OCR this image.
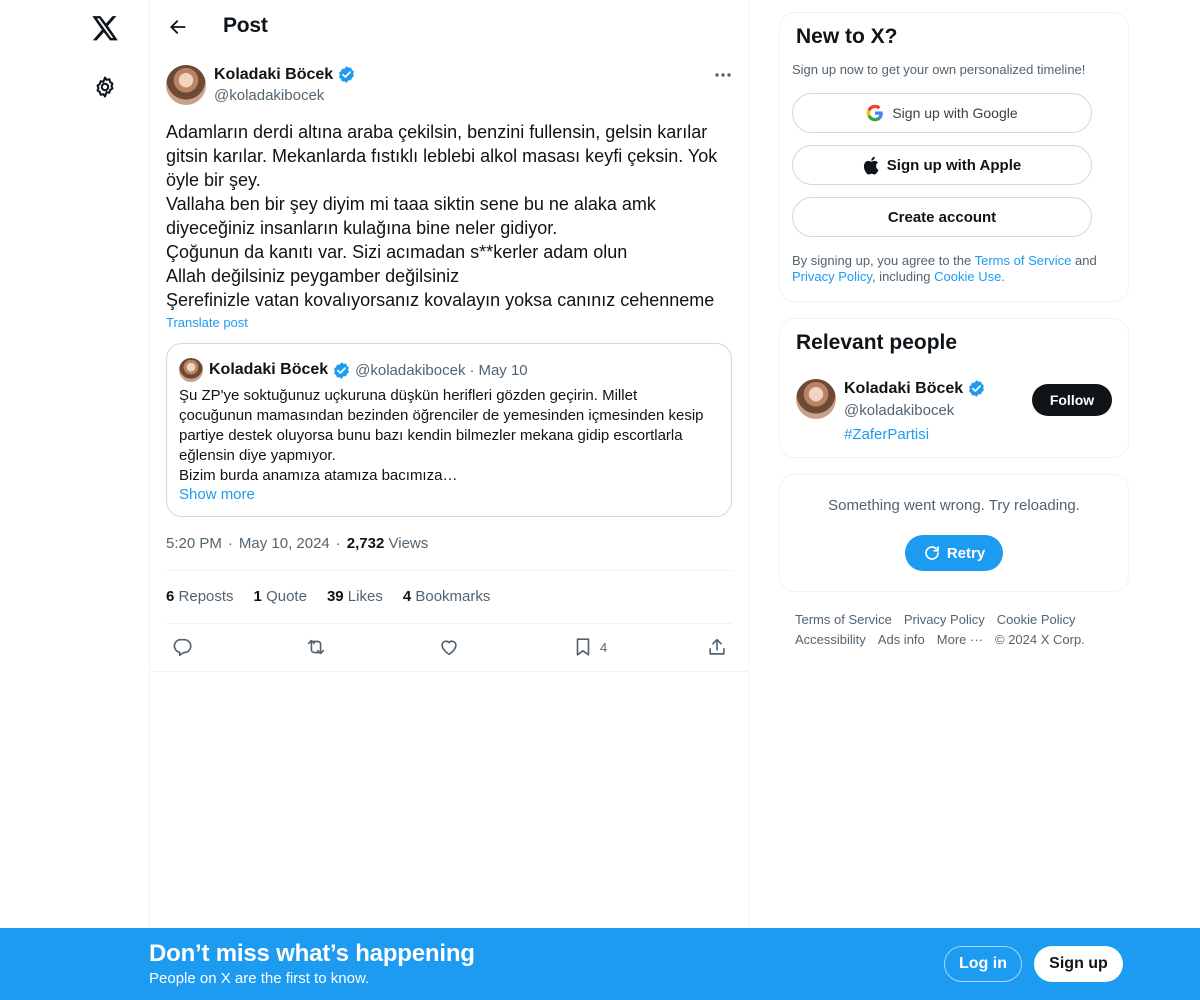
Post
Koladaki Böcek
@koladakibocek
Adamların derdi altına araba çekilsin, benzini fullensin, gelsin karılar gitsin karılar. Mekanlarda fıstıklı leblebi alkol masası keyfi çeksin. Yok öyle bir şey.
Vallaha ben bir şey diyim mi taaa siktin sene bu ne alaka amk diyeceğiniz insanların kulağına bine neler gidiyor.
Çoğunun da kanıtı var. Sizi acımadan s**kerler adam olun
Allah değilsiniz peygamber değilsiniz
Şerefinizle vatan kovalıyorsanız kovalayın yoksa canınız cehenneme
Translate post
Koladaki Böcek @koladakibocek · May 10
Şu ZP'ye soktuğunuz uçkuruna düşkün herifleri gözden geçirin. Millet çocuğunun mamasından bezinden öğrenciler de yemesinden içmesinden kesip partiye destek oluyorsa bunu bazı kendin bilmezler mekana gidip escortlarla eğlensin diye yapmıyor.
Bizim burda anamıza atamıza bacımıza…
Show more
5:20 PM · May 10, 2024 · 2,732 Views
6 Reposts 1 Quote 39 Likes 4 Bookmarks
4
New to X?
Sign up now to get your own personalized timeline!
Sign up with Google
Sign up with Apple
Create account
By signing up, you agree to the Terms of Service and Privacy Policy, including Cookie Use.
Relevant people
Koladaki Böcek
@koladakibocek
#ZaferPartisi
Follow
Something went wrong. Try reloading.
Retry
Terms of Service Privacy Policy Cookie Policy
Accessibility Ads info More ··· © 2024 X Corp.
Don’t miss what’s happening
People on X are the first to know.
Log in	Sign up
